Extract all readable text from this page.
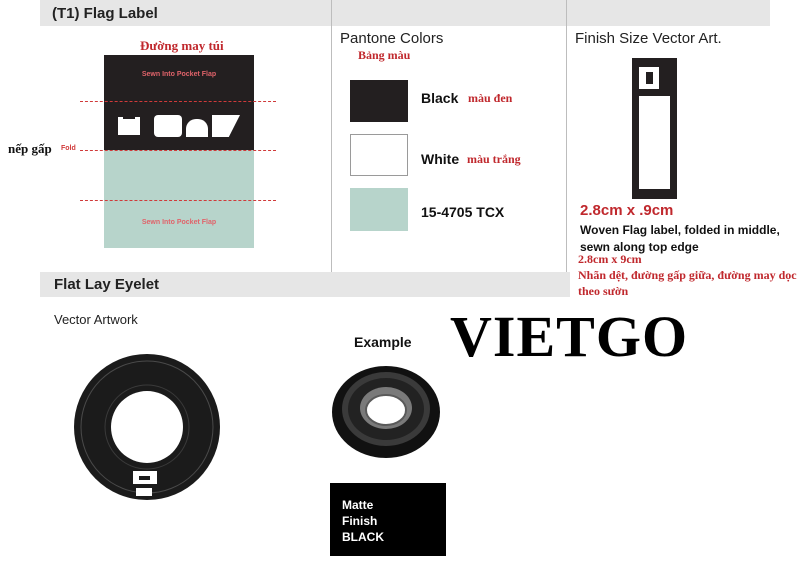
(T1) Flag Label
Đường may túi
Sewn Into Pocket Flap
Sewn Into Pocket Flap
nếp gấp Fold
Pantone Colors
Bảng màu
Black màu đen
White màu trắng
15-4705 TCX
Finish Size Vector Art.
2.8cm x .9cm
Woven Flag label, folded in middle, sewn along top edge
2.8cm x 9cm
Nhãn dệt, đường gấp giữa, đường may dọc theo sườn
Flat Lay Eyelet
Vector Artwork
Example
Matte
Finish
BLACK
VIETGO
